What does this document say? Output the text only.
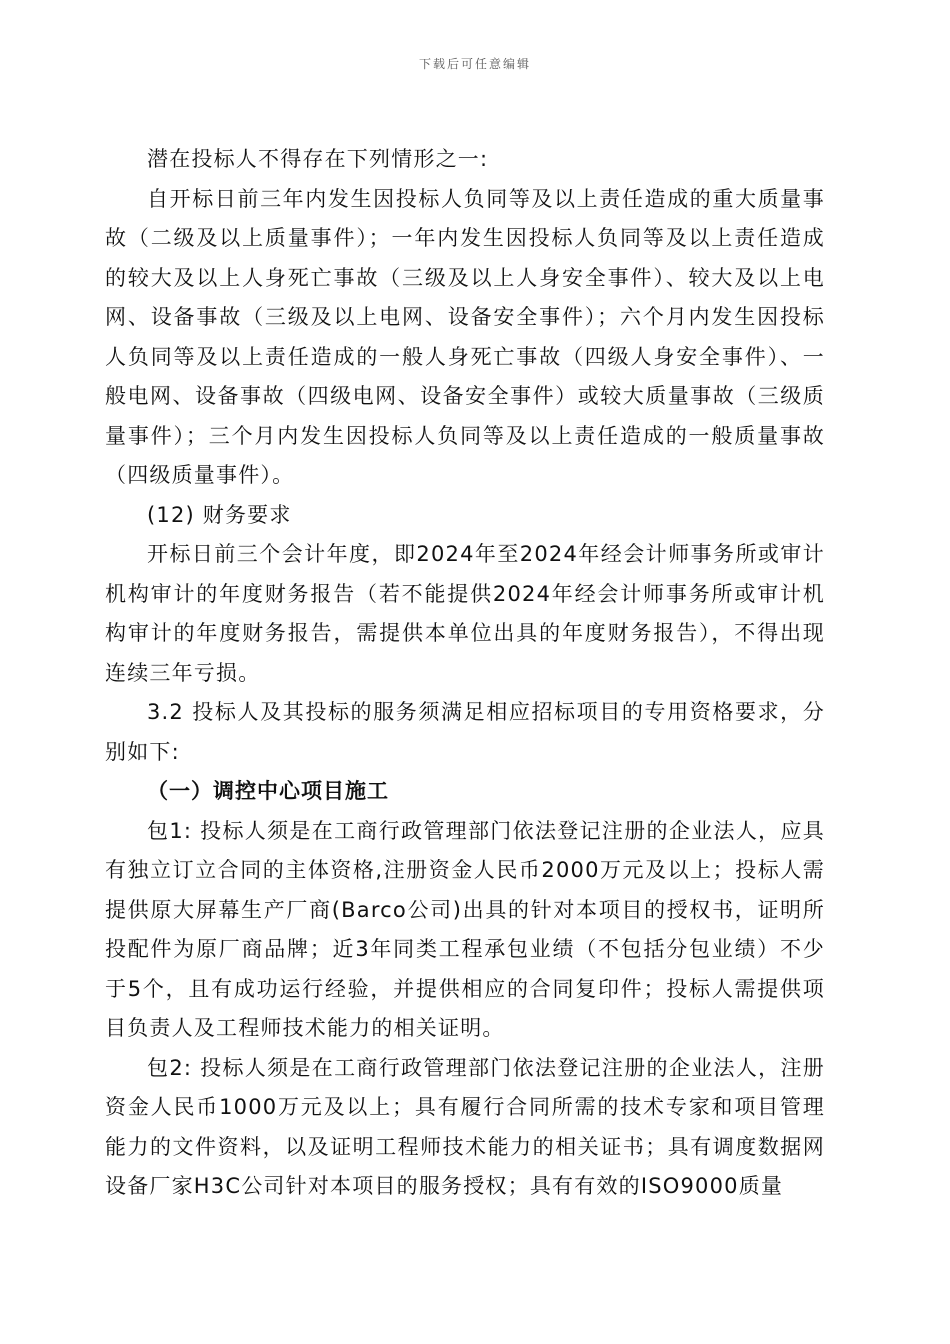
下载后可任意编辑

潜在投标人不得存在下列情形之一:

自开标日前三年内发生因投标人负同等及以上责任造成的重大质量事故（二级及以上质量事件）；一年内发生因投标人负同等及以上责任造成的较大及以上人身死亡事故（三级及以上人身安全事件）、较大及以上电网、设备事故（三级及以上电网、设备安全事件）；六个月内发生因投标人负同等及以上责任造成的一般人身死亡事故（四级人身安全事件）、一般电网、设备事故（四级电网、设备安全事件）或较大质量事故（三级质量事件）；三个月内发生因投标人负同等及以上责任造成的一般质量事故（四级质量事件）。

(12) 财务要求

开标日前三个会计年度，即2024年至2024年经会计师事务所或审计机构审计的年度财务报告（若不能提供2024年经会计师事务所或审计机构审计的年度财务报告，需提供本单位出具的年度财务报告），不得出现连续三年亏损。

3.2 投标人及其投标的服务须满足相应招标项目的专用资格要求，分别如下:

（一）调控中心项目施工

包1: 投标人须是在工商行政管理部门依法登记注册的企业法人，应具有独立订立合同的主体资格,注册资金人民币2000万元及以上；投标人需提供原大屏幕生产厂商(Barco公司)出具的针对本项目的授权书，证明所投配件为原厂商品牌；近3年同类工程承包业绩（不包括分包业绩）不少于5个，且有成功运行经验，并提供相应的合同复印件；投标人需提供项目负责人及工程师技术能力的相关证明。

包2: 投标人须是在工商行政管理部门依法登记注册的企业法人，注册资金人民币1000万元及以上；具有履行合同所需的技术专家和项目管理能力的文件资料，以及证明工程师技术能力的相关证书；具有调度数据网设备厂家H3C公司针对本项目的服务授权；具有有效的ISO9000质量
